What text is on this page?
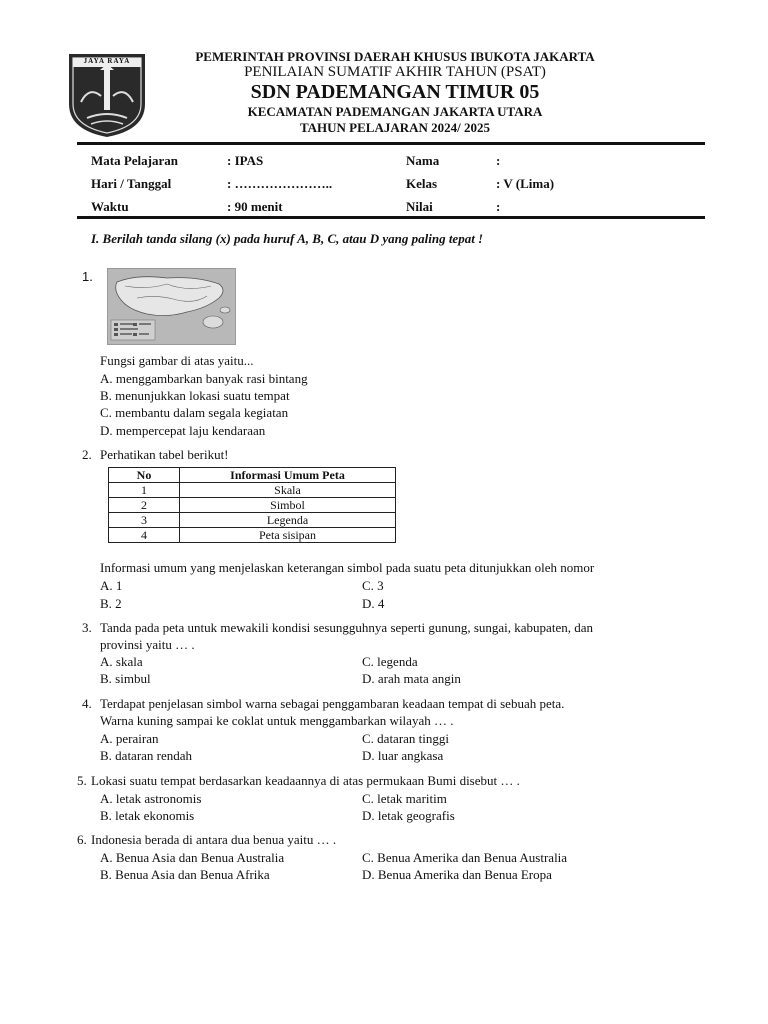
JAYA RAYA	PEMERINTAH PROVINSI DAERAH KHUSUS IBUKOTA JAKARTA
PENILAIAN SUMATIF AKHIR TAHUN (PSAT)
SDN PADEMANGAN TIMUR 05
KECAMATAN PADEMANGAN JAKARTA UTARA
TAHUN PELAJARAN 2024/ 2025
Mata Pelajaran	: IPAS	Nama	:
Hari / Tanggal	: …………………..	Kelas	: V (Lima)
Waktu	: 90 menit	Nilai	:
I. Berilah tanda silang (x) pada huruf A, B, C, atau D yang paling tepat !
1.
Fungsi gambar di atas yaitu...
A. menggambarkan banyak rasi bintang
B. menunjukkan lokasi suatu tempat
C. membantu dalam segala kegiatan
D. mempercepat laju kendaraan
2. Perhatikan tabel berikut!
No	Informasi Umum Peta
1	Skala
2	Simbol
3	Legenda
4	Peta sisipan
Informasi umum yang menjelaskan keterangan simbol pada suatu peta ditunjukkan oleh nomor
A. 1	C. 3
B. 2	D. 4
3. Tanda pada peta untuk mewakili kondisi sesungguhnya seperti gunung, sungai, kabupaten, dan
provinsi yaitu … .
A. skala	C. legenda
B. simbul	D. arah mata angin
4. Terdapat penjelasan simbol warna sebagai penggambaran keadaan tempat di sebuah peta.
Warna kuning sampai ke coklat untuk menggambarkan wilayah … .
A. perairan	C. dataran tinggi
B. dataran rendah	D. luar angkasa
5. Lokasi suatu tempat berdasarkan keadaannya di atas permukaan Bumi disebut … .
A. letak astronomis	C. letak maritim
B. letak ekonomis	D. letak geografis
6. Indonesia berada di antara dua benua yaitu … .
A. Benua Asia dan Benua Australia	C. Benua Amerika dan Benua Australia
B. Benua Asia dan Benua Afrika	D. Benua Amerika dan Benua Eropa
